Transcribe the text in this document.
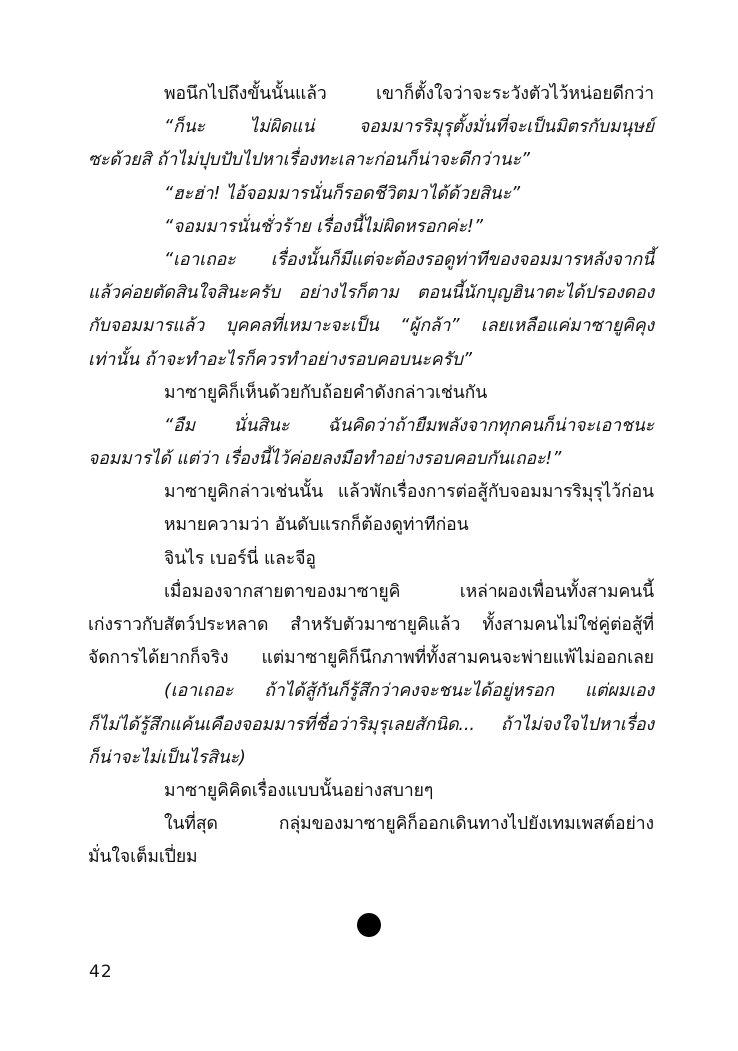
พอนึกไปถึงขั้นนั้นแล้ว เขาก็ตั้งใจว่าจะระวังตัวไว้หน่อยดีกว่า
“ก็นะ ไม่ผิดแน่ จอมมารริมุรุตั้งมั่นที่จะเป็นมิตรกับมนุษย์
ซะด้วยสิ ถ้าไม่ปุบปับไปหาเรื่องทะเลาะก่อนก็น่าจะดีกว่านะ”
“ฮะฮ่า! ไอ้จอมมารนั่นก็รอดชีวิตมาได้ด้วยสินะ”
“จอมมารนั่นชั่วร้าย เรื่องนี้ไม่ผิดหรอกค่ะ!”
“เอาเถอะ เรื่องนั้นก็มีแต่จะต้องรอดูท่าทีของจอมมารหลังจากนี้
แล้วค่อยตัดสินใจสินะครับ อย่างไรก็ตาม ตอนนี้นักบุญฮินาตะได้ปรองดอง
กับจอมมารแล้ว บุคคลที่เหมาะจะเป็น “ผู้กล้า” เลยเหลือแค่มาซายูคิคุง
เท่านั้น ถ้าจะทำอะไรก็ควรทำอย่างรอบคอบนะครับ”
มาซายูคิก็เห็นด้วยกับถ้อยคำดังกล่าวเช่นกัน
“อืม นั่นสินะ ฉันคิดว่าถ้ายืมพลังจากทุกคนก็น่าจะเอาชนะ
จอมมารได้ แต่ว่า เรื่องนี้ไว้ค่อยลงมือทำอย่างรอบคอบกันเถอะ!”
มาซายูคิกล่าวเช่นนั้น แล้วพักเรื่องการต่อสู้กับจอมมารริมุรุไว้ก่อน
หมายความว่า อันดับแรกก็ต้องดูท่าทีก่อน
จินไร เบอร์นี่ และจีอู
เมื่อมองจากสายตาของมาซายูคิ เหล่าผองเพื่อนทั้งสามคนนี้
เก่งราวกับสัตว์ประหลาด สำหรับตัวมาซายูคิแล้ว ทั้งสามคนไม่ใช่คู่ต่อสู้ที่
จัดการได้ยากก็จริง แต่มาซายูคิก็นึกภาพที่ทั้งสามคนจะพ่ายแพ้ไม่ออกเลย
(เอาเถอะ ถ้าได้สู้กันก็รู้สึกว่าคงจะชนะได้อยู่หรอก แต่ผมเอง
ก็ไม่ได้รู้สึกแค้นเคืองจอมมารที่ชื่อว่าริมุรุเลยสักนิด... ถ้าไม่จงใจไปหาเรื่อง
ก็น่าจะไม่เป็นไรสินะ)
มาซายูคิคิดเรื่องแบบนั้นอย่างสบายๆ
ในที่สุด กลุ่มของมาซายูคิก็ออกเดินทางไปยังเทมเพสต์อย่าง
มั่นใจเต็มเปี่ยม
42
